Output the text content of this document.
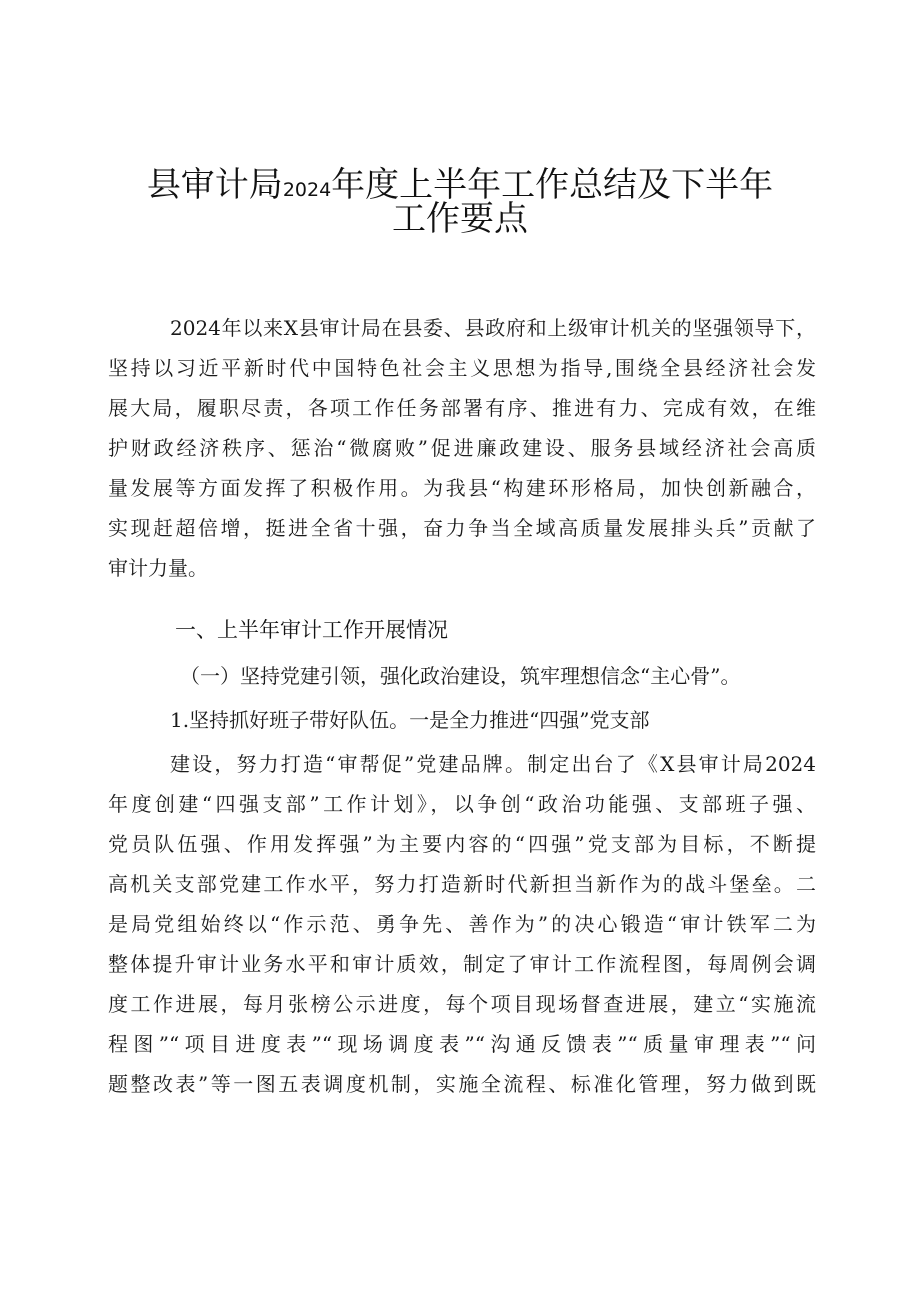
县审计局2024年度上半年工作总结及下半年
工作要点
2024年以来X县审计局在县委、县政府和上级审计机关的坚强领导下，
坚持以习近平新时代中国特色社会主义思想为指导,围绕全县经济社会发
展大局，履职尽责，各项工作任务部署有序、推进有力、完成有效，在维
护财政经济秩序、惩治“微腐败”促进廉政建设、服务县域经济社会高质
量发展等方面发挥了积极作用。为我县“构建环形格局，加快创新融合，
实现赶超倍增，挺进全省十强，奋力争当全域高质量发展排头兵”贡献了
审计力量。
一、上半年审计工作开展情况
（一）坚持党建引领，强化政治建设，筑牢理想信念“主心骨”。
1.坚持抓好班子带好队伍。一是全力推进“四强”党支部
建设，努力打造“审帮促”党建品牌。制定出台了《X县审计局2024
年度创建“四强支部”工作计划》，以争创“政治功能强、支部班子强、
党员队伍强、作用发挥强”为主要内容的“四强”党支部为目标，不断提
高机关支部党建工作水平，努力打造新时代新担当新作为的战斗堡垒。二
是局党组始终以“作示范、勇争先、善作为”的决心锻造“审计铁军二为
整体提升审计业务水平和审计质效，制定了审计工作流程图，每周例会调
度工作进展，每月张榜公示进度，每个项目现场督查进展，建立“实施流
程图”“项目进度表”“现场调度表”“沟通反馈表”“质量审理表”“问
题整改表”等一图五表调度机制，实施全流程、标准化管理，努力做到既
